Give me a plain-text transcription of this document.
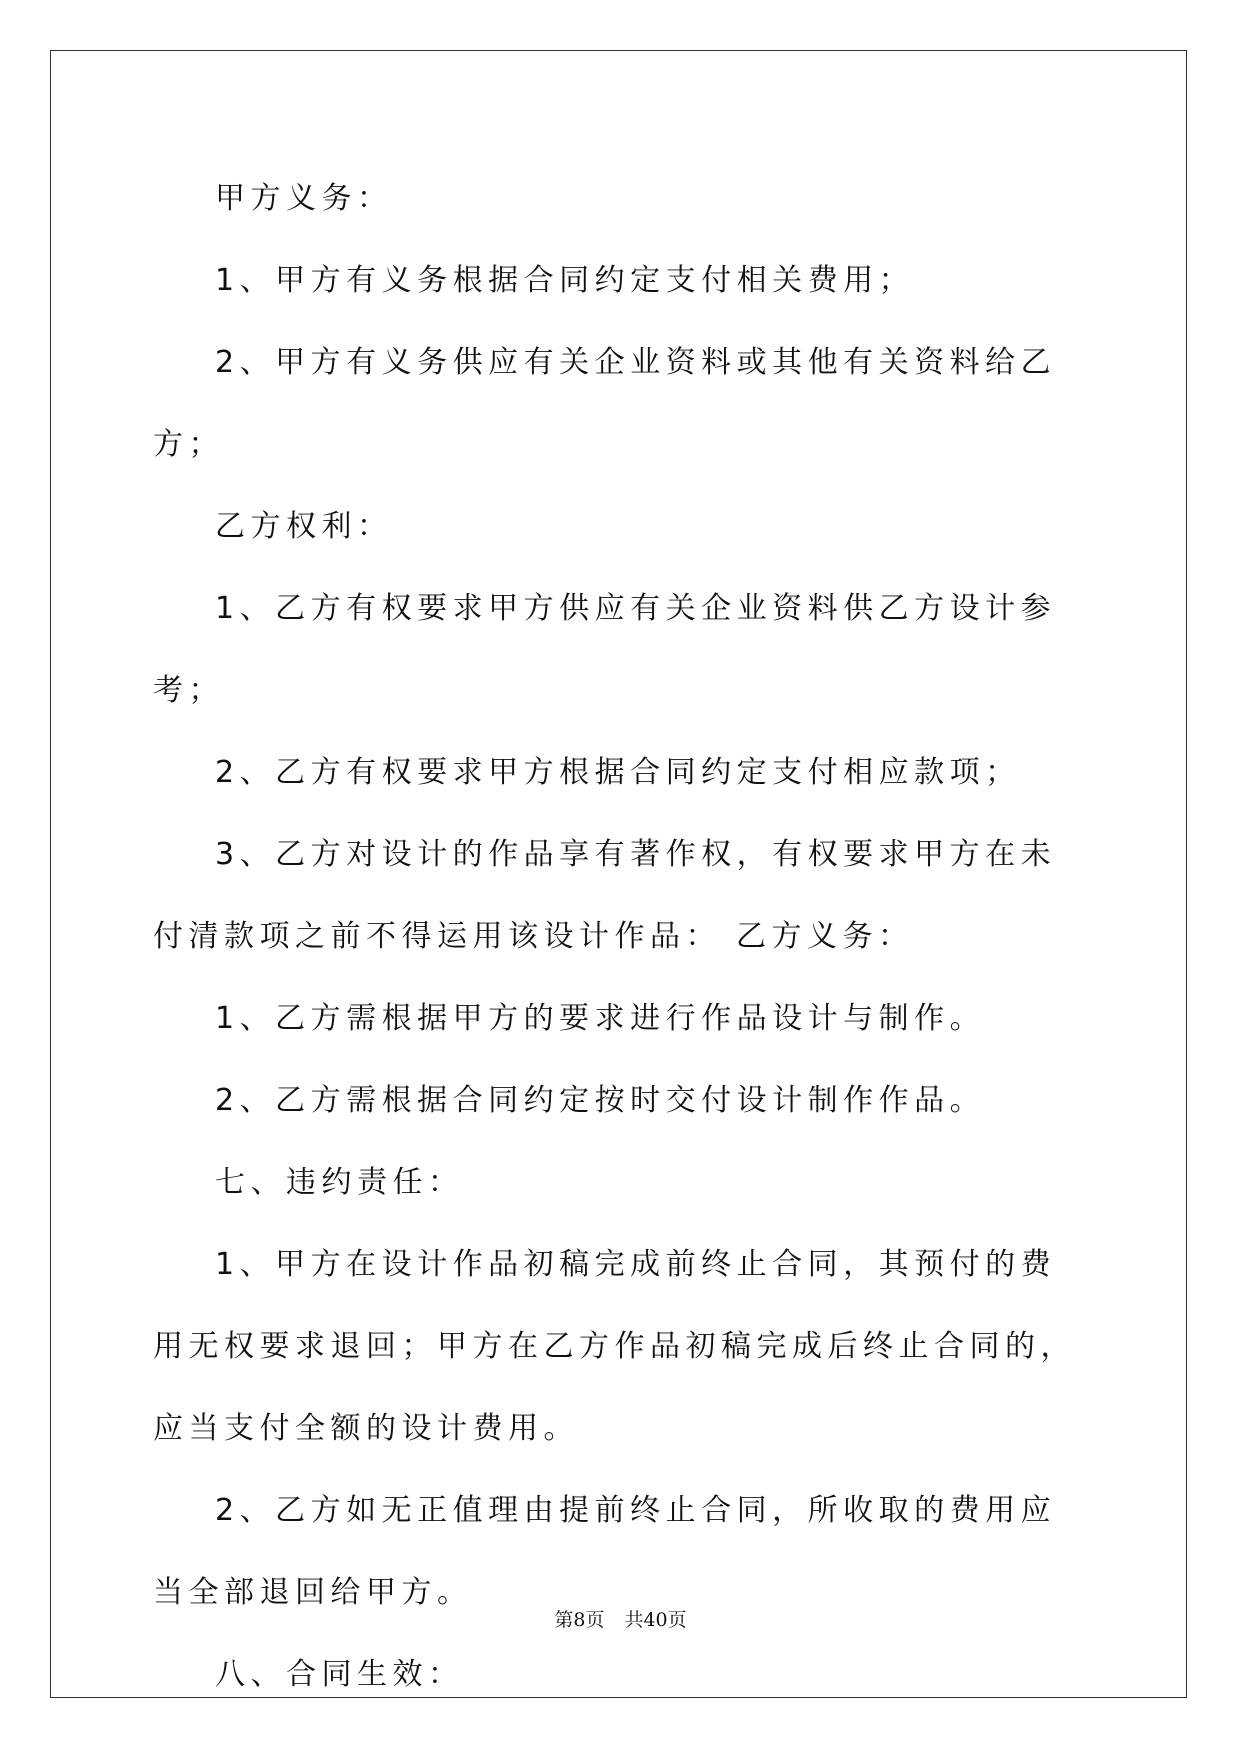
甲方义务：

1、甲方有义务根据合同约定支付相关费用；

2、甲方有义务供应有关企业资料或其他有关资料给乙方；

乙方权利：

1、乙方有权要求甲方供应有关企业资料供乙方设计参考；

2、乙方有权要求甲方根据合同约定支付相应款项；

3、乙方对设计的作品享有著作权，有权要求甲方在未付清款项之前不得运用该设计作品： 乙方义务：

1、乙方需根据甲方的要求进行作品设计与制作。

2、乙方需根据合同约定按时交付设计制作作品。

七、违约责任：

1、甲方在设计作品初稿完成前终止合同，其预付的费用无权要求退回；甲方在乙方作品初稿完成后终止合同的，应当支付全额的设计费用。

2、乙方如无正值理由提前终止合同，所收取的费用应当全部退回给甲方。

八、合同生效：

第8页 共40页
